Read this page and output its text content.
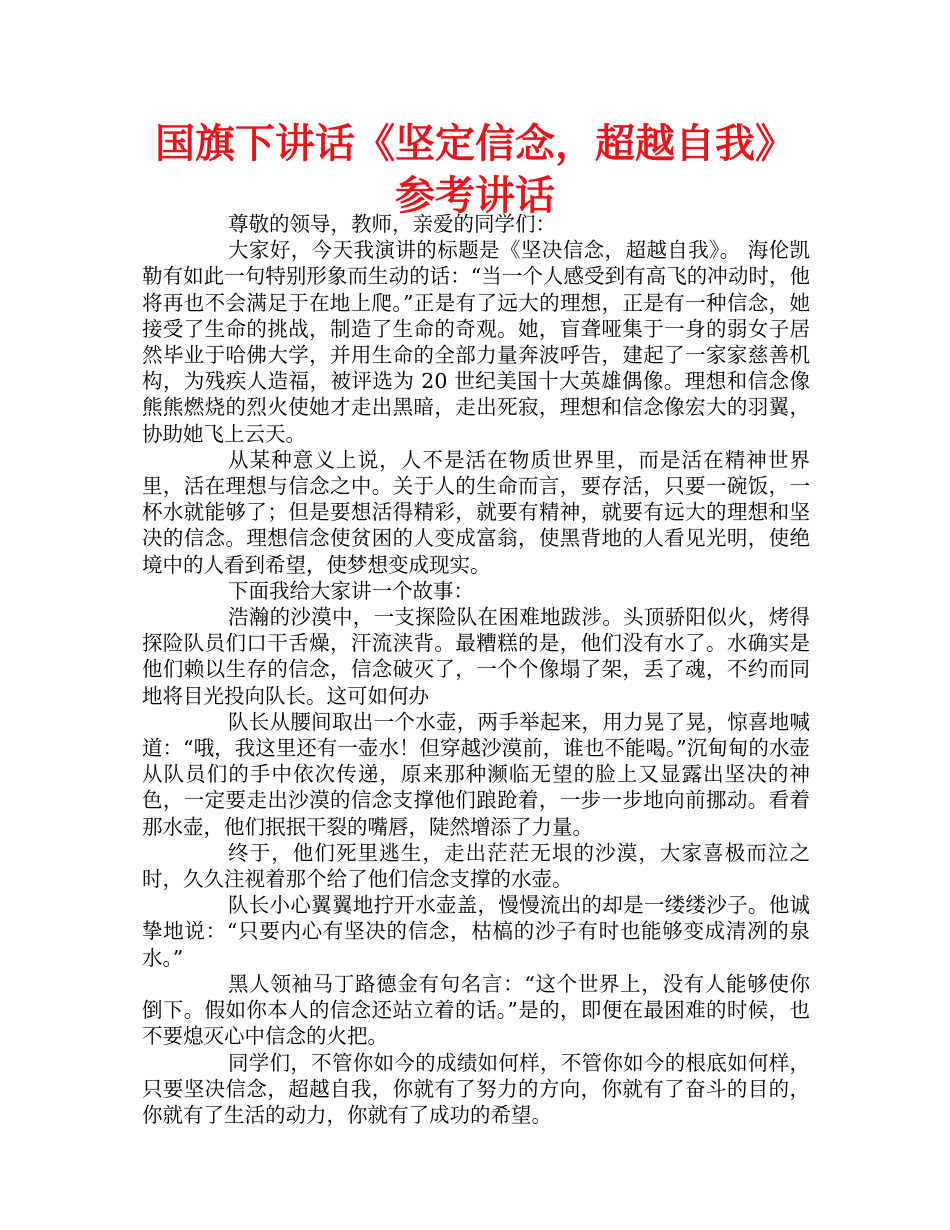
国旗下讲话《坚定信念，超越自我》参考讲话

尊敬的领导，教师，亲爱的同学们：

大家好，今天我演讲的标题是《坚决信念，超越自我》。 海伦凯勒有如此一句特别形象而生动的话：“当一个人感受到有高飞的冲动时，他将再也不会满足于在地上爬。”正是有了远大的理想，正是有一种信念，她接受了生命的挑战，制造了生命的奇观。她，盲聋哑集于一身的弱女子居然毕业于哈佛大学，并用生命的全部力量奔波呼告，建起了一家家慈善机构，为残疾人造福，被评选为 20 世纪美国十大英雄偶像。理想和信念像熊熊燃烧的烈火使她才走出黑暗，走出死寂，理想和信念像宏大的羽翼，协助她飞上云天。

从某种意义上说，人不是活在物质世界里，而是活在精神世界里，活在理想与信念之中。关于人的生命而言，要存活，只要一碗饭，一杯水就能够了；但是要想活得精彩，就要有精神，就要有远大的理想和坚决的信念。理想信念使贫困的人变成富翁，使黑背地的人看见光明，使绝境中的人看到希望，使梦想变成现实。

下面我给大家讲一个故事：

浩瀚的沙漠中，一支探险队在困难地跋涉。头顶骄阳似火，烤得探险队员们口干舌燥，汗流浃背。最糟糕的是，他们没有水了。水确实是他们赖以生存的信念，信念破灭了，一个个像塌了架，丢了魂，不约而同地将目光投向队长。这可如何办

队长从腰间取出一个水壶，两手举起来，用力晃了晃，惊喜地喊道：“哦，我这里还有一壶水！但穿越沙漠前，谁也不能喝。”沉甸甸的水壶从队员们的手中依次传递，原来那种濒临无望的脸上又显露出坚决的神色，一定要走出沙漠的信念支撑他们踉跄着，一步一步地向前挪动。看着那水壶，他们抿抿干裂的嘴唇，陡然增添了力量。

终于，他们死里逃生，走出茫茫无垠的沙漠，大家喜极而泣之时，久久注视着那个给了他们信念支撑的水壶。

队长小心翼翼地拧开水壶盖，慢慢流出的却是一缕缕沙子。他诚挚地说：“只要内心有坚决的信念，枯槁的沙子有时也能够变成清冽的泉水。”

黑人领袖马丁路德金有句名言：“这个世界上，没有人能够使你倒下。假如你本人的信念还站立着的话。”是的，即便在最困难的时候，也不要熄灭心中信念的火把。

同学们，不管你如今的成绩如何样，不管你如今的根底如何样，只要坚决信念，超越自我，你就有了努力的方向，你就有了奋斗的目的，你就有了生活的动力，你就有了成功的希望。
